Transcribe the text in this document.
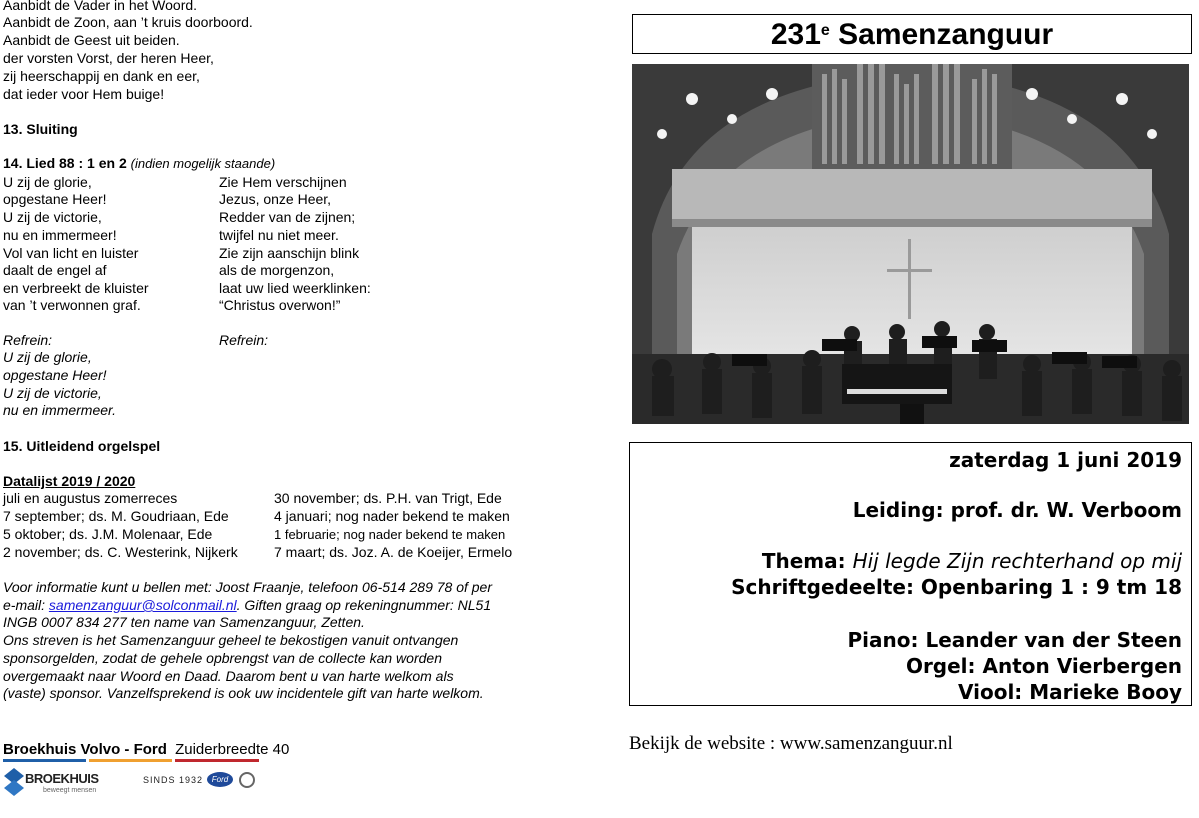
Aanbidt de Vader in het Woord.
Aanbidt de Zoon, aan ’t kruis doorboord.
Aanbidt de Geest uit beiden.
der vorsten Vorst, der heren Heer,
zij heerschappij en dank en eer,
dat ieder voor Hem buige!
13. Sluiting
14. Lied 88 : 1 en 2 (indien mogelijk staande)
U zij de glorie,
opgestane Heer!
U zij de victorie,
nu en immermeer!
Vol van licht en luister
daalt de engel af
en verbreekt de kluister
van ’t verwonnen graf.
Zie Hem verschijnen
Jezus, onze Heer,
Redder van de zijnen;
twijfel nu niet meer.
Zie zijn aanschijn blink
als de morgenzon,
laat uw lied weerklinken:
“Christus overwon!”
Refrein:	Refrein:
U zij de glorie,
opgestane Heer!
U zij de victorie,
nu en immermeer.
15. Uitleidend orgelspel
Datalijst 2019 / 2020
juli en augustus zomerreces
7 september; ds. M. Goudriaan, Ede
5 oktober; ds. J.M. Molenaar, Ede
2 november; ds. C. Westerink, Nijkerk
30 november; ds. P.H. van Trigt, Ede
4 januari; nog nader bekend te maken
1 februarie; nog nader bekend te maken
7 maart; ds. Joz. A. de Koeijer, Ermelo
Voor informatie kunt u bellen met: Joost Fraanje, telefoon 06-514 289 78 of per
e-mail: samenzanguur@solconmail.nl. Giften graag op rekeningnummer: NL51
INGB 0007 834 277 ten name van Samenzanguur, Zetten.
Ons streven is het Samenzanguur geheel te bekostigen vanuit ontvangen
sponsorgelden, zodat de gehele opbrengst van de collecte kan worden
overgemaakt naar Woord en Daad. Daarom bent u van harte welkom als
(vaste) sponsor. Vanzelfsprekend is ook uw incidentele gift van harte welkom.
Broekhuis Volvo - Ford Zuiderbreedte 40
BROEKHUIS
beweegt mensen
SINDS 1932	Ford
231e Samenzanguur
zaterdag 1 juni 2019
Leiding: prof. dr. W. Verboom
Thema: Hij legde Zijn rechterhand op mij
Schriftgedeelte: Openbaring 1 : 9 tm 18
Piano: Leander van der Steen
Orgel: Anton Vierbergen
Viool: Marieke Booy
Bekijk de website : www.samenzanguur.nl
